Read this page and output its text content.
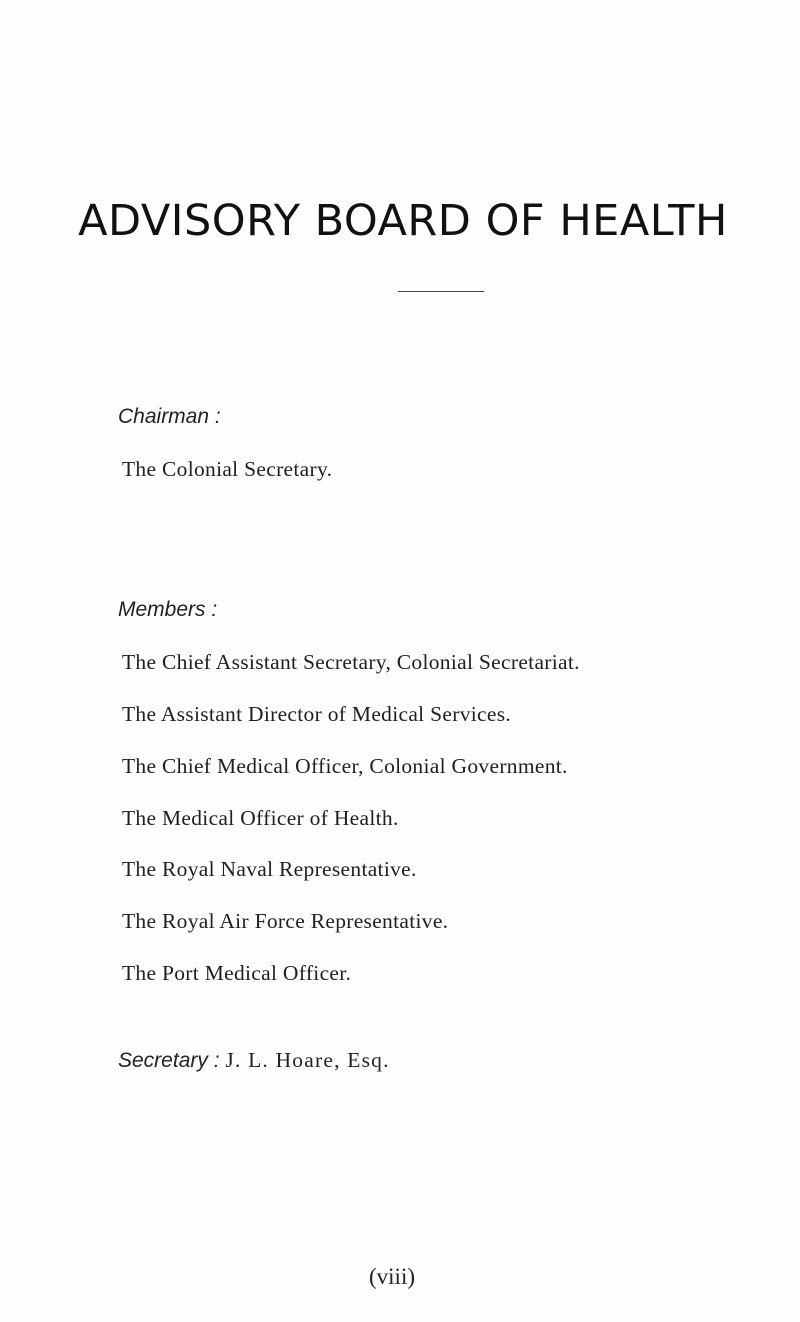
ADVISORY BOARD OF HEALTH
Chairman :
The Colonial Secretary.
Members :
The Chief Assistant Secretary, Colonial Secretariat.
The Assistant Director of Medical Services.
The Chief Medical Officer, Colonial Government.
The Medical Officer of Health.
The Royal Naval Representative.
The Royal Air Force Representative.
The Port Medical Officer.
Secretary : J. L. Hoare, Esq.
(viii)
